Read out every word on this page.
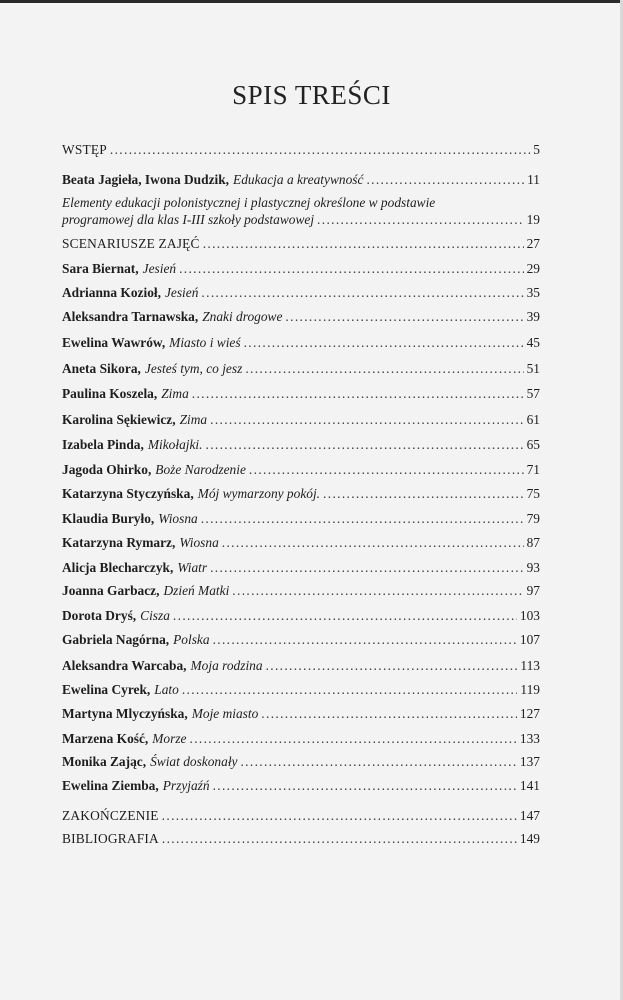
SPIS TREŚCI
WSTĘP . . .	5
Beata Jagieła, Iwona Dudzik, Edukacja a kreatywność . . .	11
Elementy edukacji polonistycznej i plastycznej określone w podstawie
programowej dla klas I-III szkoły podstawowej . . .	19
SCENARIUSZE ZAJĘĆ . . .	27
Sara Biernat, Jesień . . .	29
Adrianna Kozioł, Jesień . . .	35
Aleksandra Tarnawska, Znaki drogowe . . .	39
Ewelina Wawrów, Miasto i wieś . . .	45
Aneta Sikora, Jesteś tym, co jesz . . .	51
Paulina Koszela, Zima . . .	57
Karolina Sękiewicz, Zima . . .	61
Izabela Pinda, Mikołajki. . . .	65
Jagoda Ohirko, Boże Narodzenie . . .	71
Katarzyna Styczyńska, Mój wymarzony pokój. . . .	75
Klaudia Buryło, Wiosna . . .	79
Katarzyna Rymarz, Wiosna . . .	87
Alicja Blecharczyk, Wiatr . . .	93
Joanna Garbacz, Dzień Matki . . .	97
Dorota Dryś, Cisza . . .	103
Gabriela Nagórna, Polska . . .	107
Aleksandra Warcaba, Moja rodzina . . .	113
Ewelina Cyrek, Lato . . .	119
Martyna Mlyczyńska, Moje miasto . . .	127
Marzena Kość, Morze . . .	133
Monika Zając, Świat doskonały . . .	137
Ewelina Ziemba, Przyjaźń . . .	141
ZAKOŃCZENIE . . .	147
BIBLIOGRAFIA . . .	149
